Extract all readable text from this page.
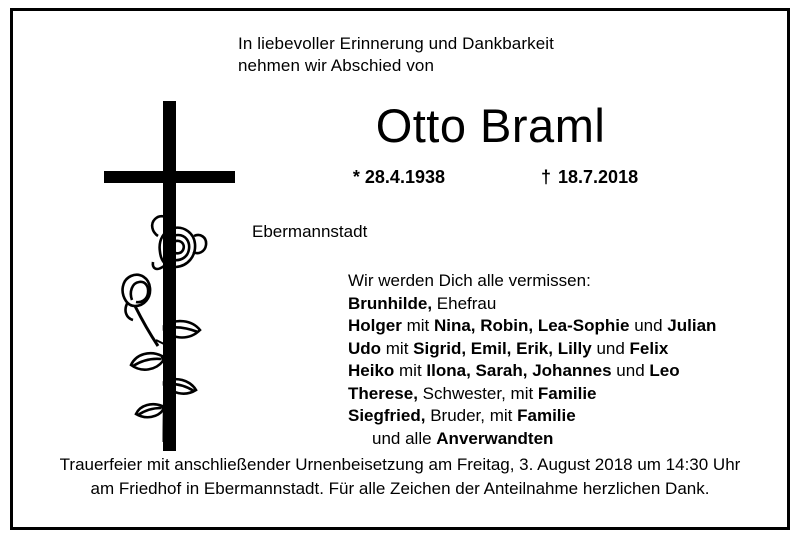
In liebevoller Erinnerung und Dankbarkeit
nehmen wir Abschied von
Otto Braml
* 28.4.1938	† 18.7.2018
Ebermannstadt
Wir werden Dich alle vermissen:
Brunhilde, Ehefrau
Holger mit Nina, Robin, Lea-Sophie und Julian
Udo mit Sigrid, Emil, Erik, Lilly und Felix
Heiko mit Ilona, Sarah, Johannes und Leo
Therese, Schwester, mit Familie
Siegfried, Bruder, mit Familie
und alle Anverwandten
Trauerfeier mit anschließender Urnenbeisetzung am Freitag, 3. August 2018 um 14:30 Uhr
am Friedhof in Ebermannstadt. Für alle Zeichen der Anteilnahme herzlichen Dank.
